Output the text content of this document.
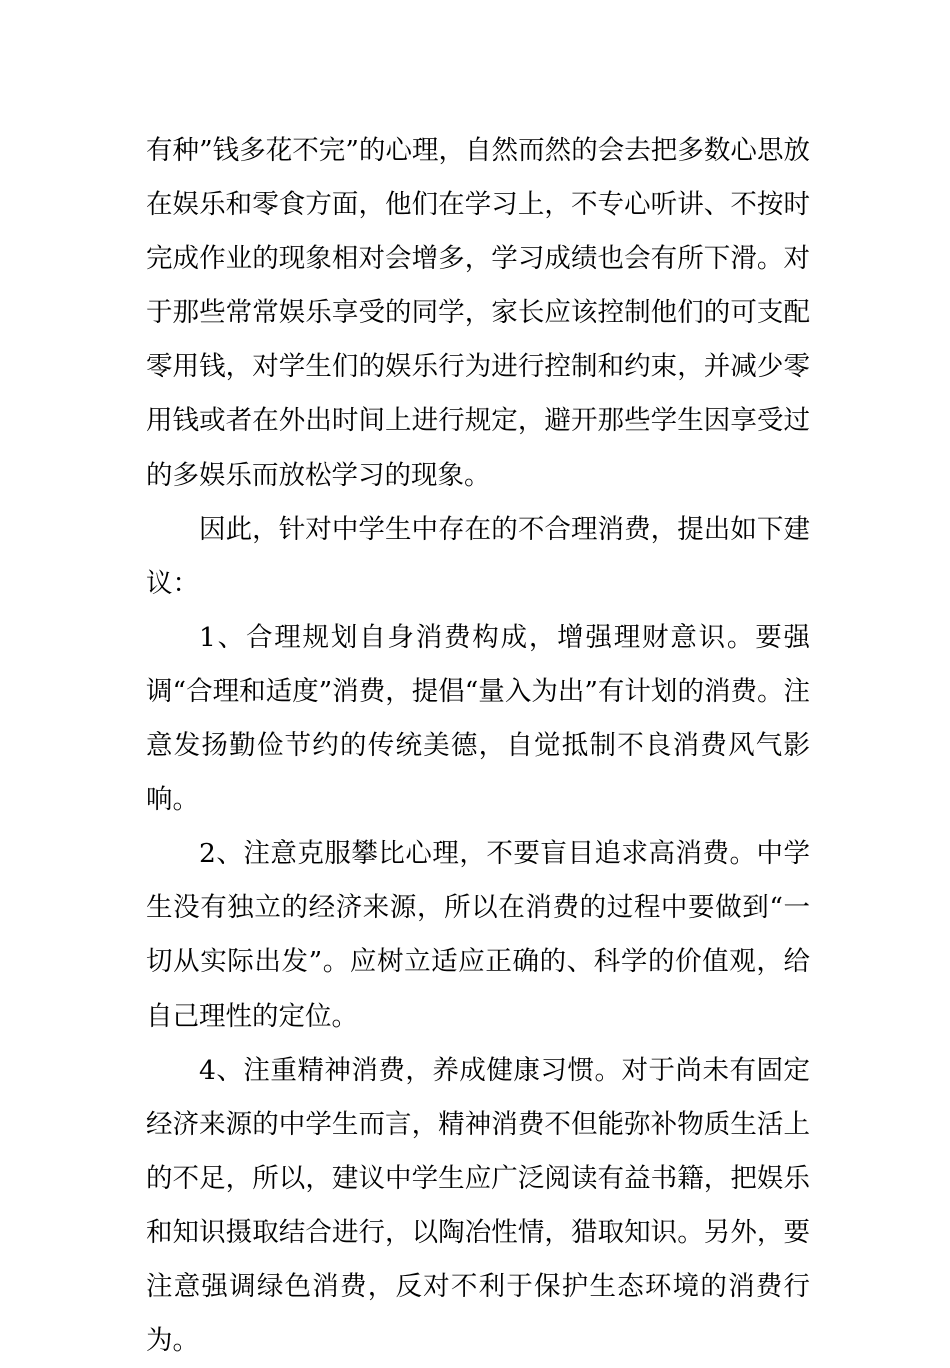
有种”钱多花不完”的心理，自然而然的会去把多数心思放在娱乐和零食方面，他们在学习上，不专心听讲、不按时完成作业的现象相对会增多，学习成绩也会有所下滑。对于那些常常娱乐享受的同学，家长应该控制他们的可支配零用钱，对学生们的娱乐行为进行控制和约束，并减少零用钱或者在外出时间上进行规定，避开那些学生因享受过的多娱乐而放松学习的现象。

因此，针对中学生中存在的不合理消费，提出如下建议：

1、合理规划自身消费构成，增强理财意识。要强调“合理和适度”消费，提倡“量入为出”有计划的消费。注意发扬勤俭节约的传统美德，自觉抵制不良消费风气影响。

2、注意克服攀比心理，不要盲目追求高消费。中学生没有独立的经济来源，所以在消费的过程中要做到“一切从实际出发”。应树立适应正确的、科学的价值观，给自己理性的定位。

4、注重精神消费，养成健康习惯。对于尚未有固定经济来源的中学生而言，精神消费不但能弥补物质生活上的不足，所以，建议中学生应广泛阅读有益书籍，把娱乐和知识摄取结合进行，以陶冶性情，猎取知识。另外，要注意强调绿色消费，反对不利于保护生态环境的消费行为。
